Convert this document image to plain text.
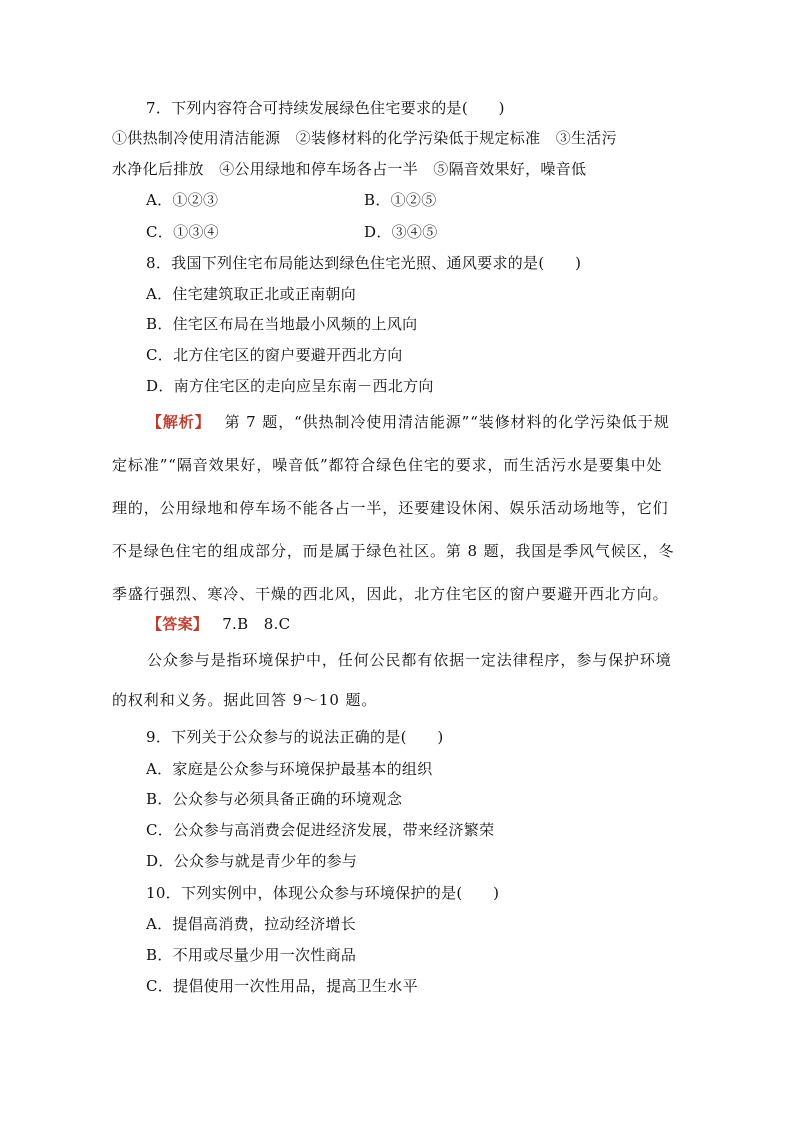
7．下列内容符合可持续发展绿色住宅要求的是(　　)
①供热制冷使用清洁能源　②装修材料的化学污染低于规定标准　③生活污
水净化后排放　④公用绿地和停车场各占一半　⑤隔音效果好，噪音低
A．①②③	B．①②⑤
C．①③④	D．③④⑤
8．我国下列住宅布局能达到绿色住宅光照、通风要求的是(　　)
A．住宅建筑取正北或正南朝向
B．住宅区布局在当地最小风频的上风向
C．北方住宅区的窗户要避开西北方向
D．南方住宅区的走向应呈东南－西北方向
【解析】 第 7 题，“供热制冷使用清洁能源”“装修材料的化学污染低于规
定标准”“隔音效果好，噪音低”都符合绿色住宅的要求，而生活污水是要集中处
理的，公用绿地和停车场不能各占一半，还要建设休闲、娱乐活动场地等，它们
不是绿色住宅的组成部分，而是属于绿色社区。第 8 题，我国是季风气候区，冬
季盛行强烈、寒冷、干燥的西北风，因此，北方住宅区的窗户要避开西北方向。
【答案】 7.B　8.C
公众参与是指环境保护中，任何公民都有依据一定法律程序，参与保护环境
的权利和义务。据此回答 9～10 题。
9．下列关于公众参与的说法正确的是(　　)
A．家庭是公众参与环境保护最基本的组织
B．公众参与必须具备正确的环境观念
C．公众参与高消费会促进经济发展，带来经济繁荣
D．公众参与就是青少年的参与
10．下列实例中，体现公众参与环境保护的是(　　)
A．提倡高消费，拉动经济增长
B．不用或尽量少用一次性商品
C．提倡使用一次性用品，提高卫生水平
